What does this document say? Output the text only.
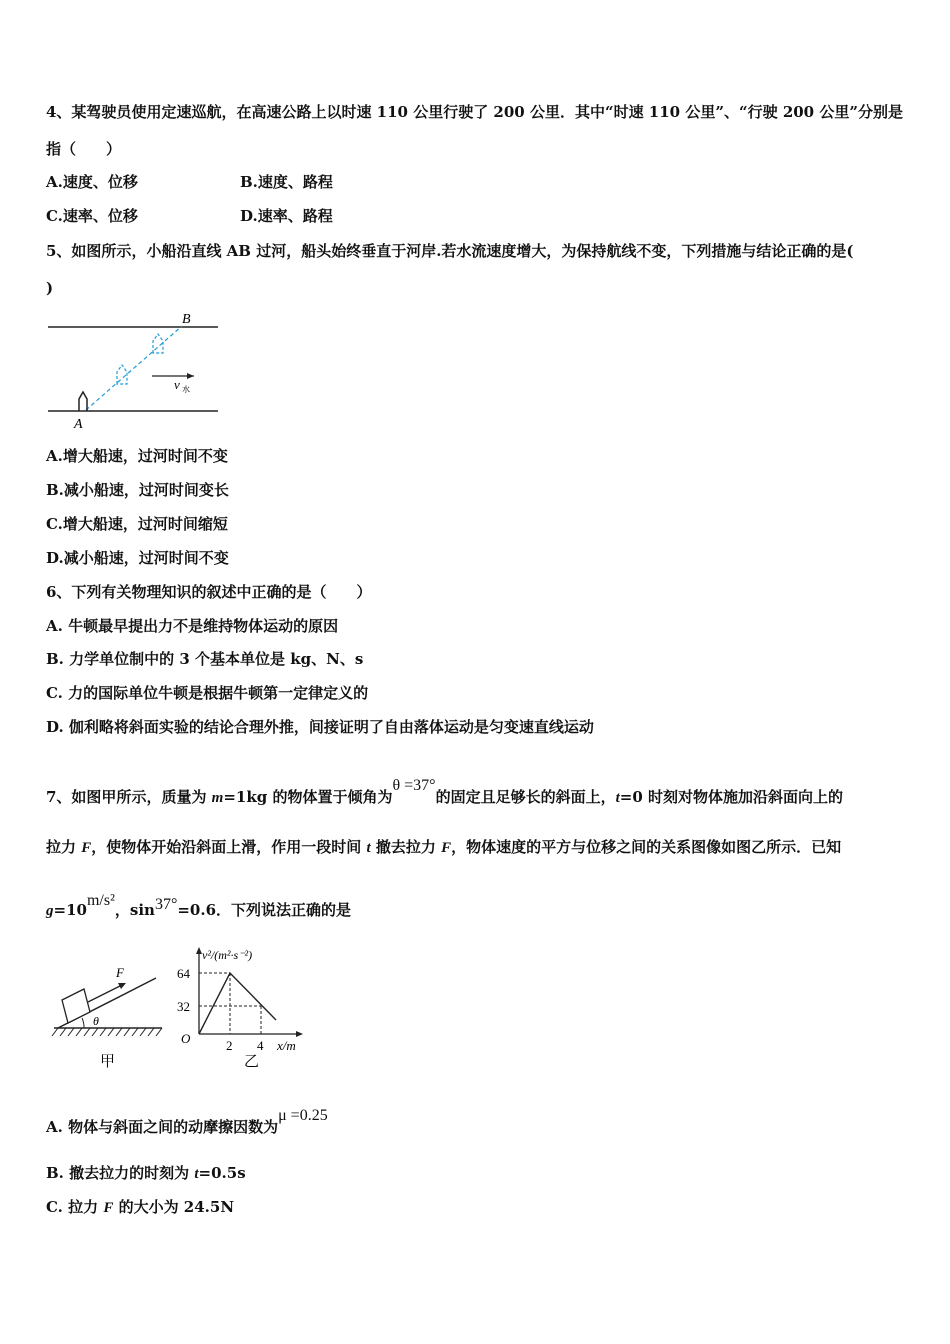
4、某驾驶员使用定速巡航，在高速公路上以时速 110 公里行驶了 200 公里．其中“时速 110 公里”、“行驶 200 公里”分别是
指（　　）
A.速度、位移	B.速度、路程
C.速率、位移	D.速率、路程
5、如图所示，小船沿直线 AB 过河，船头始终垂直于河岸.若水流速度增大，为保持航线不变，下列措施与结论正确的是(
)
B
A
v 水
A.增大船速，过河时间不变
B.减小船速，过河时间变长
C.增大船速，过河时间缩短
D.减小船速，过河时间不变
6、下列有关物理知识的叙述中正确的是（　　）
A. 牛顿最早提出力不是维持物体运动的原因
B. 力学单位制中的 3 个基本单位是 kg、N、s
C. 力的国际单位牛顿是根据牛顿第一定律定义的
D. 伽利略将斜面实验的结论合理外推，间接证明了自由落体运动是匀变速直线运动
7、如图甲所示，质量为 m=1kg 的物体置于倾角为θ =37°的固定且足够长的斜面上，t=0 时刻对物体施加沿斜面向上的
拉力 F，使物体开始沿斜面上滑，作用一段时间 t 撤去拉力 F，物体速度的平方与位移之间的关系图像如图乙所示．已知
g=10m/s²，sin37°=0.6．下列说法正确的是
F
θ
甲
v²/(m²·s⁻²)
64
32
O	2 4 x/m
乙
A. 物体与斜面之间的动摩擦因数为μ =0.25
B. 撤去拉力的时刻为 t=0.5s
C. 拉力 F 的大小为 24.5N
